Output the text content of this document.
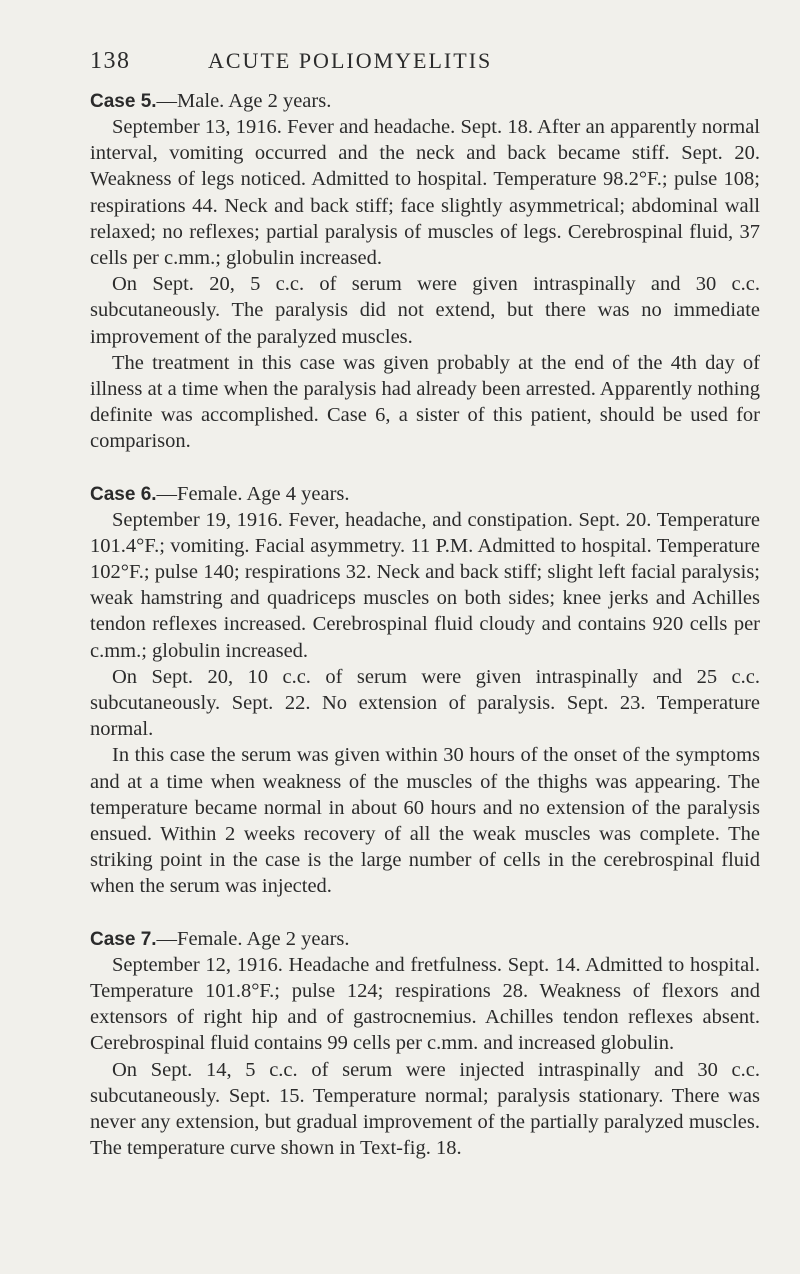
138	ACUTE POLIOMYELITIS
Case 5.—Male. Age 2 years.

September 13, 1916. Fever and headache. Sept. 18. After an apparently normal interval, vomiting occurred and the neck and back became stiff. Sept. 20. Weakness of legs noticed. Admitted to hospital. Temperature 98.2°F.; pulse 108; respirations 44. Neck and back stiff; face slightly asymmetrical; abdominal wall relaxed; no reflexes; partial paralysis of muscles of legs. Cerebrospinal fluid, 37 cells per c.mm.; globulin increased.

On Sept. 20, 5 c.c. of serum were given intraspinally and 30 c.c. subcutaneously. The paralysis did not extend, but there was no immediate improvement of the paralyzed muscles.

The treatment in this case was given probably at the end of the 4th day of illness at a time when the paralysis had already been arrested. Apparently nothing definite was accomplished. Case 6, a sister of this patient, should be used for comparison.

Case 6.—Female. Age 4 years.

September 19, 1916. Fever, headache, and constipation. Sept. 20. Temperature 101.4°F.; vomiting. Facial asymmetry. 11 P.M. Admitted to hospital. Temperature 102°F.; pulse 140; respirations 32. Neck and back stiff; slight left facial paralysis; weak hamstring and quadriceps muscles on both sides; knee jerks and Achilles tendon reflexes increased. Cerebrospinal fluid cloudy and contains 920 cells per c.mm.; globulin increased.

On Sept. 20, 10 c.c. of serum were given intraspinally and 25 c.c. subcutaneously. Sept. 22. No extension of paralysis. Sept. 23. Temperature normal.

In this case the serum was given within 30 hours of the onset of the symptoms and at a time when weakness of the muscles of the thighs was appearing. The temperature became normal in about 60 hours and no extension of the paralysis ensued. Within 2 weeks recovery of all the weak muscles was complete. The striking point in the case is the large number of cells in the cerebrospinal fluid when the serum was injected.

Case 7.—Female. Age 2 years.

September 12, 1916. Headache and fretfulness. Sept. 14. Admitted to hospital. Temperature 101.8°F.; pulse 124; respirations 28. Weakness of flexors and extensors of right hip and of gastrocnemius. Achilles tendon reflexes absent. Cerebrospinal fluid contains 99 cells per c.mm. and increased globulin.

On Sept. 14, 5 c.c. of serum were injected intraspinally and 30 c.c. subcutaneously. Sept. 15. Temperature normal; paralysis stationary. There was never any extension, but gradual improvement of the partially paralyzed muscles. The temperature curve shown in Text-fig. 18.
